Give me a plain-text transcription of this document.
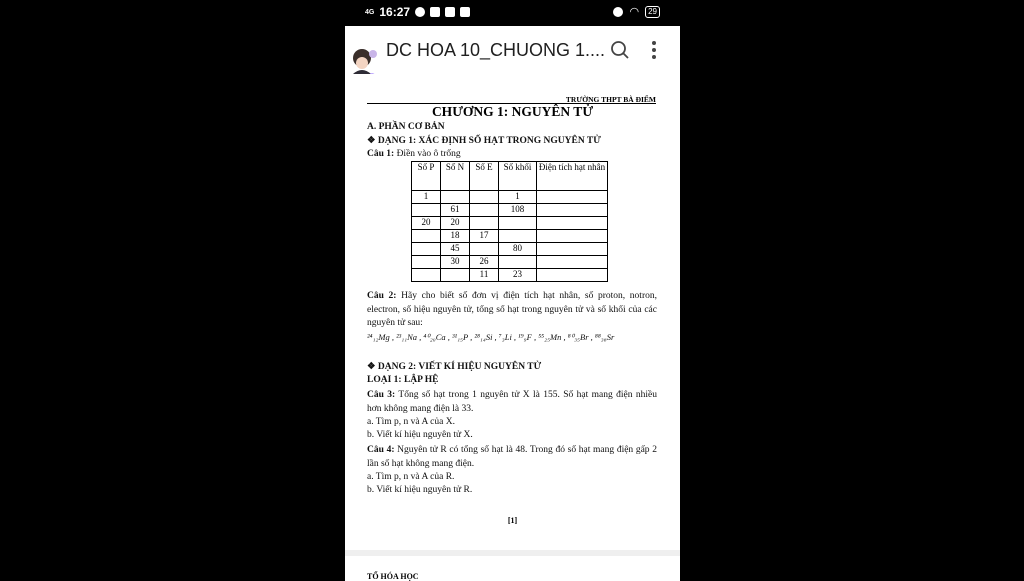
4G 16:27	◠	29
DC HOA 10_CHUONG 1....
TRƯỜNG THPT BÀ ĐIỂM
CHƯƠNG 1: NGUYÊN TỬ
A. PHẦN CƠ BẢN
❖ DẠNG 1: XÁC ĐỊNH SỐ HẠT TRONG NGUYÊN TỬ
Câu 1: Điền vào ô trống
Số P	Số N	Số E	Số khối	Điện tích hạt nhân
1			1	
	61		108	
20	20			
	18	17		
	45		80	
	30	26		
		11	23	
Câu 2: Hãy cho biết số đơn vị điện tích hạt nhân, số proton, notron, electron, số hiệu nguyên tử, tổng số hạt trong nguyên tử và số khối của các nguyên tử sau:
²⁴₁₂Mg , ²³₁₁Na , ⁴⁰₂₀Ca , ³¹₁₅P , ²⁸₁₄Si , ⁷₃Li , ¹⁹₉F , ⁵⁵₂₅Mn , ⁸⁰₃₅Br , ⁸⁸₃₈Sr
❖ DẠNG 2: VIẾT KÍ HIỆU NGUYÊN TỬ
LOẠI 1: LẬP HỆ
Câu 3: Tổng số hạt trong 1 nguyên tử X là 155. Số hạt mang điện nhiều hơn không mang điện là 33.
a. Tìm p, n và A của X.
b. Viết kí hiệu nguyên tử X.
Câu 4: Nguyên tử R có tổng số hạt là 48. Trong đó số hạt mang điện gấp 2 lần số hạt không mang điện.
a. Tìm p, n và A của R.
b. Viết kí hiệu nguyên tử R.
[1]
TỔ HÓA HỌC
